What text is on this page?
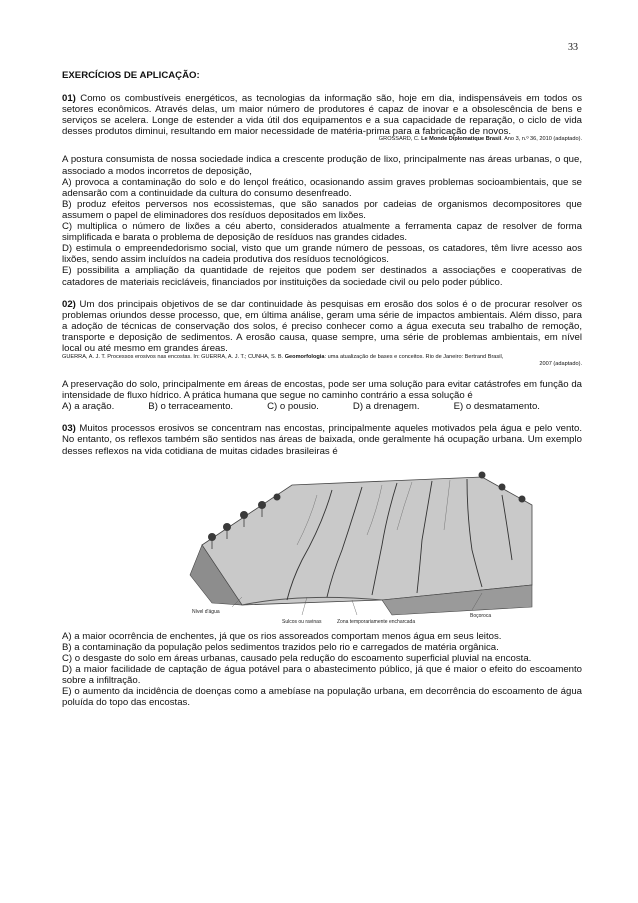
33

EXERCÍCIOS DE APLICAÇÃO:

01) Como os combustíveis energéticos, as tecnologias da informação são, hoje em dia, indispensáveis em todos os setores econômicos. Através delas, um maior número de produtores é capaz de inovar e a obsolescência de bens e serviços se acelera. Longe de estender a vida útil dos equipamentos e a sua capacidade de reparação, o ciclo de vida desses produtos diminui, resultando em maior necessidade de matéria-prima para a fabricação de novos.

GROSSARD, C. Le Monde Diplomatique Brasil. Ano 3, n.º 36, 2010 (adaptado).

A postura consumista de nossa sociedade indica a crescente produção de lixo, principalmente nas áreas urbanas, o que, associado a modos incorretos de deposição,

A) provoca a contaminação do solo e do lençol freático, ocasionando assim graves problemas socioambientais, que se adensarão com a continuidade da cultura do consumo desenfreado.

B) produz efeitos perversos nos ecossistemas, que são sanados por cadeias de organismos decompositores que assumem o papel de eliminadores dos resíduos depositados em lixões.

C) multiplica o número de lixões a céu aberto, considerados atualmente a ferramenta capaz de resolver de forma simplificada e barata o problema de deposição de resíduos nas grandes cidades.

D) estimula o empreendedorismo social, visto que um grande número de pessoas, os catadores, têm livre acesso aos lixões, sendo assim incluídos na cadeia produtiva dos resíduos tecnológicos.

E) possibilita a ampliação da quantidade de rejeitos que podem ser destinados a associações e cooperativas de catadores de materiais recicláveis, financiados por instituições da sociedade civil ou pelo poder público.

02) Um dos principais objetivos de se dar continuidade às pesquisas em erosão dos solos é o de procurar resolver os problemas oriundos desse processo, que, em última análise, geram uma série de impactos ambientais. Além disso, para a adoção de técnicas de conservação dos solos, é preciso conhecer como a água executa seu trabalho de remoção, transporte e deposição de sedimentos. A erosão causa, quase sempre, uma série de problemas ambientais, em nível local ou até mesmo em grandes áreas.

GUERRA, A. J. T. Processos erosivos nas encostas. In: GUERRA, A. J. T.; CUNHA, S. B. Geomorfologia: uma atualização de bases e conceitos. Rio de Janeiro: Bertrand Brasil,

2007 (adaptado).

A preservação do solo, principalmente em áreas de encostas, pode ser uma solução para evitar catástrofes em função da intensidade de fluxo hídrico. A prática humana que segue no caminho contrário a essa solução é

A) a aração.	B) o terraceamento.	C) o pousio.	D) a drenagem.	E) o desmatamento.

03) Muitos processos erosivos se concentram nas encostas, principalmente aqueles motivados pela água e pelo vento. No entanto, os reflexos também são sentidos nas áreas de baixada, onde geralmente há ocupação urbana. Um exemplo desses reflexos na vida cotidiana de muitas cidades brasileiras é

Nível d'água
Sulcos ou ravinas	Zona temporariamente encharcada
Boçoroca

A) a maior ocorrência de enchentes, já que os rios assoreados comportam menos água em seus leitos.

B) a contaminação da população pelos sedimentos trazidos pelo rio e carregados de matéria orgânica.

C) o desgaste do solo em áreas urbanas, causado pela redução do escoamento superficial pluvial na encosta.

D) a maior facilidade de captação de água potável para o abastecimento público, já que é maior o efeito do escoamento sobre a infiltração.

E) o aumento da incidência de doenças como a amebíase na população urbana, em decorrência do escoamento de água poluída do topo das encostas.
